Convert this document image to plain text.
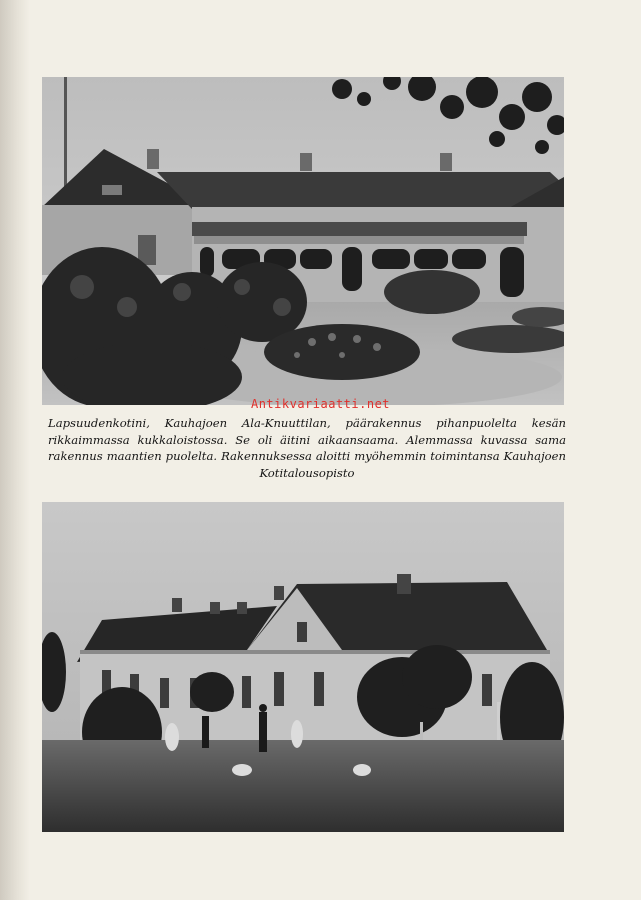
Antikvariaatti.net
Lapsuudenkotini, Kauhajoen Ala-Knuuttilan, päärakennus pihanpuolelta kesän rikkaimmassa kukkaloistossa. Se oli äitini aikaansaama. Alemmassa kuvassa sama rakennus maantien puolelta. Rakennuksessa aloitti myöhemmin toimintansa Kauhajoen Kotitalousopisto
